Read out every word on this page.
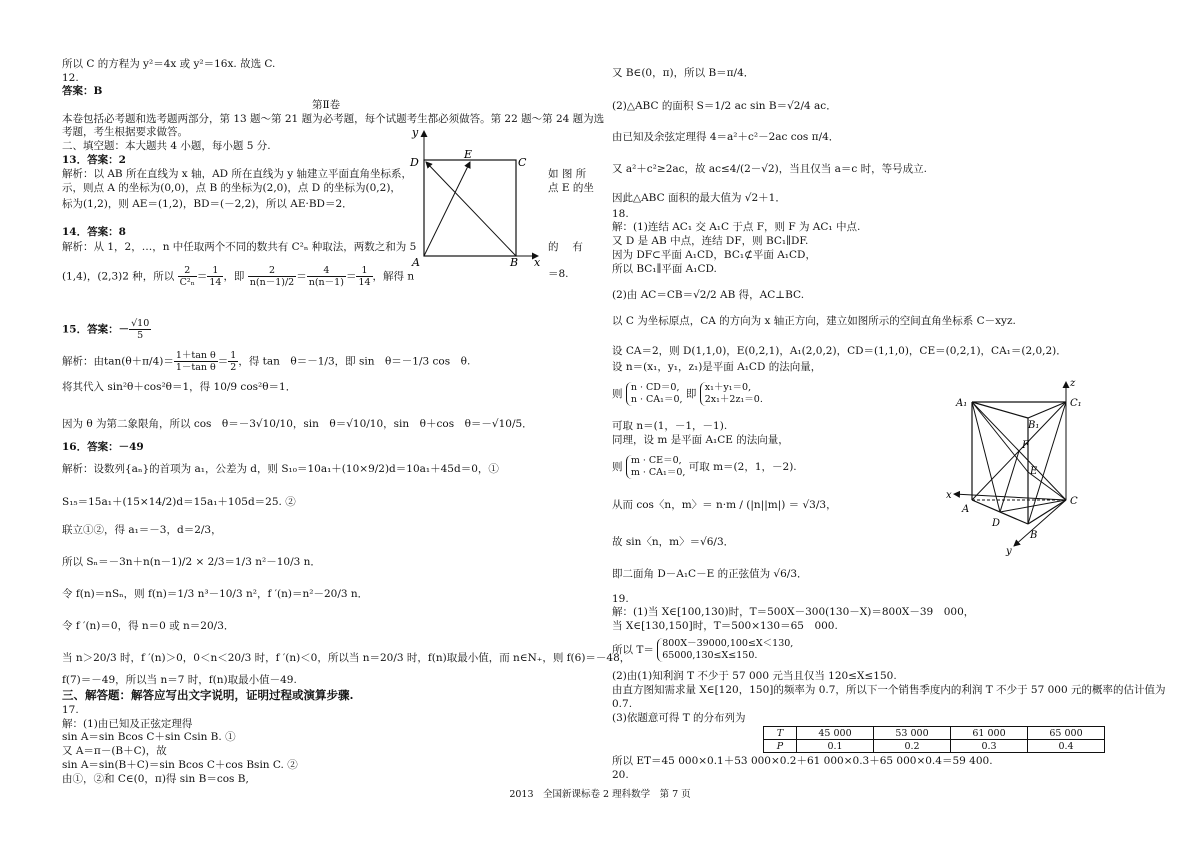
所以 C 的方程为 y²＝4x 或 y²＝16x. 故选 C.
12.
答案：B
第Ⅱ卷
本卷包括必考题和选考题两部分，第 13 题～第 21 题为必考题，每个试题考生都必须做答。第 22 题～第 24 题为选
考题，考生根据要求做答。
二、填空题：本大题共 4 小题，每小题 5 分.
13．答案：2
解析：以 AB 所在直线为 x 轴，AD 所在直线为 y 轴建立平面直角坐标系，
示，则点 A 的坐标为(0,0)，点 B 的坐标为(2,0)，点 D 的坐标为(0,2)，
标为(1,2)，则 AE＝(1,2)，BD＝(－2,2)，所以 AE·BD＝2．
如 图 所
点 E 的坐
y
D
E
C
A	B x
14．答案：8
解析：从 1，2，…，n 中任取两个不同的数共有 C²ₙ 种取法，两数之和为 5	的　 有
(1,4)，(2,3)2 种，所以 $\frac{2}{\text{C²ₙ}} = \frac{1}{14}$ ，即 $\frac{2}{n(n-1)/2} = \frac{4}{n(n-1)} = \frac{1}{14}$ ，解得 n	＝8.
15．答案：－ $\frac{√10}{5}$
解析：由$\tan(\theta+\pi/4)= \frac{\text{1＋tan θ}}{\text{1－tan θ}} = \frac{1}{2}$ ，得 tan　θ＝－1/3，即 sin　θ＝－1/3 cos　θ.
将其代入 sin²θ＋cos²θ＝1，得 10/9 cos²θ＝1．
因为 θ 为第二象限角，所以 cos　θ＝－3√10/10，sin　θ＝√10/10，sin　θ＋cos　θ＝－√10/5．
16．答案：－49
解析：设数列{aₙ}的首项为 a₁，公差为 d，则 S₁₀＝10a₁＋(10×9/2)d＝10a₁＋45d＝0，①
S₁₅＝15a₁＋(15×14/2)d＝15a₁＋105d＝25. ②
联立①②，得 a₁＝－3，d＝2/3，
所以 Sₙ＝－3n＋n(n－1)/2 × 2/3＝1/3 n²－10/3 n．
令 f(n)＝nSₙ，则 f(n)＝1/3 n³－10/3 n²，f ′(n)＝n²－20/3 n．
令 f ′(n)＝0，得 n＝0 或 n＝20/3．
当 n＞20/3 时，f ′(n)＞0，0＜n＜20/3 时，f ′(n)＜0，所以当 n＝20/3 时，f(n)取最小值，而 n∈N₊，则 f(6)＝－48，
f(7)＝－49，所以当 n＝7 时，f(n)取最小值－49.
三、解答题：解答应写出文字说明，证明过程或演算步骤.
17.
解：(1)由已知及正弦定理得
sin A＝sin Bcos C＋sin Csin B. ①
又 A＝π－(B＋C)，故
sin A＝sin(B＋C)＝sin Bcos C＋cos Bsin C. ②
由①，②和 C∈(0，π)得 sin B＝cos B,
又 B∈(0，π)，所以 B＝π/4．
(2)△ABC 的面积 S＝1/2 ac sin B＝√2/4 ac．
由已知及余弦定理得 4＝a²＋c²－2ac cos π/4．
又 a²＋c²≥2ac，故 ac≤4/(2－√2)，当且仅当 a＝c 时，等号成立.
因此△ABC 面积的最大值为 √2＋1．
18.
解：(1)连结 AC₁ 交 A₁C 于点 F，则 F 为 AC₁ 中点.
又 D 是 AB 中点，连结 DF，则 BC₁∥DF.
因为 DF⊂平面 A₁CD，BC₁⊄平面 A₁CD，
所以 BC₁∥平面 A₁CD.
(2)由 AC＝CB＝√2/2 AB 得，AC⊥BC.
以 C 为坐标原点，CA 的方向为 x 轴正方向，建立如图所示的空间直角坐标系 C－xyz.
设 CA＝2，则 D(1,1,0)，E(0,2,1)，A₁(2,0,2)，CD＝(1,1,0)，CE＝(0,2,1)，CA₁＝(2,0,2)．
设 n＝(x₁，y₁，z₁)是平面 A₁CD 的法向量，
则
n · CD＝0,
n · CA₁＝0, 即
x₁＋y₁＝0,
2x₁＋2z₁＝0.
可取 n＝(1，－1，－1).
同理，设 m 是平面 A₁CE 的法向量，
则
m · CE＝0,
m · CA₁＝0, 可取 m＝(2，1，－2).
从而 cos〈n，m〉＝ n·m / (|n||m|) ＝ √3/3，
故 sin〈n，m〉＝√6/3．
即二面角 D－A₁C－E 的正弦值为 √6/3．
19.
解：(1)当 X∈[100,130)时，T＝500X－300(130－X)＝800X－39　000，
当 X∈[130,150]时，T＝500×130＝65　000.
所以 T＝
800X－39000,100≤X＜130,
65000,130≤X≤150.
(2)由(1)知利润 T 不少于 57 000 元当且仅当 120≤X≤150.
由直方图知需求量 X∈[120，150]的频率为 0.7，所以下一个销售季度内的利润 T 不少于 57 000 元的概率的估计值为
0.7.
(3)依题意可得 T 的分布列为
T	45 000	53 000	61 000	65 000
P	0.1	0.2	0.3	0.4
所以 ET＝45 000×0.1＋53 000×0.2＋61 000×0.3＋65 000×0.4＝59 400.
20.
z
A₁
B₁
C₁
F
E
x
A
D
C
B
y
2013　全国新课标卷 2 理科数学　第 7 页
